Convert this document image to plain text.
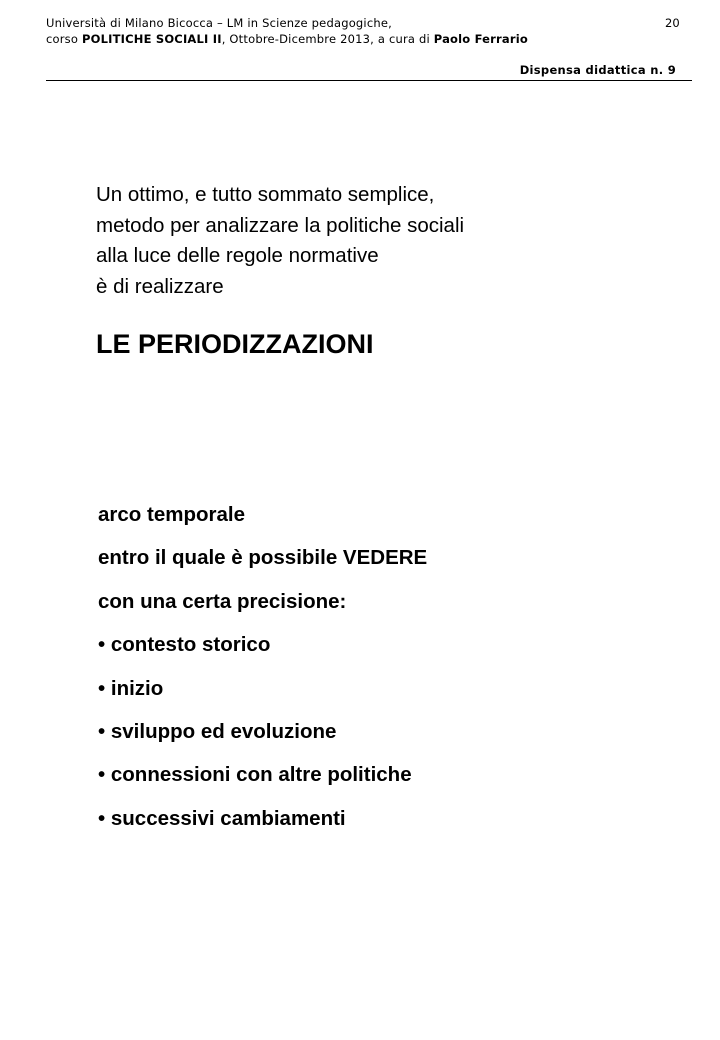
Università di Milano Bicocca – LM in Scienze pedagogiche,
corso POLITICHE SOCIALI II, Ottobre-Dicembre 2013, a cura di Paolo Ferrario
20
Dispensa didattica n. 9
Un ottimo, e tutto sommato semplice,
metodo per analizzare la politiche sociali
alla luce delle regole normative
è di realizzare
LE PERIODIZZAZIONI
arco temporale
entro il quale è possibile VEDERE
con una certa precisione:
• contesto storico
• inizio
• sviluppo ed evoluzione
• connessioni con altre politiche
• successivi cambiamenti
